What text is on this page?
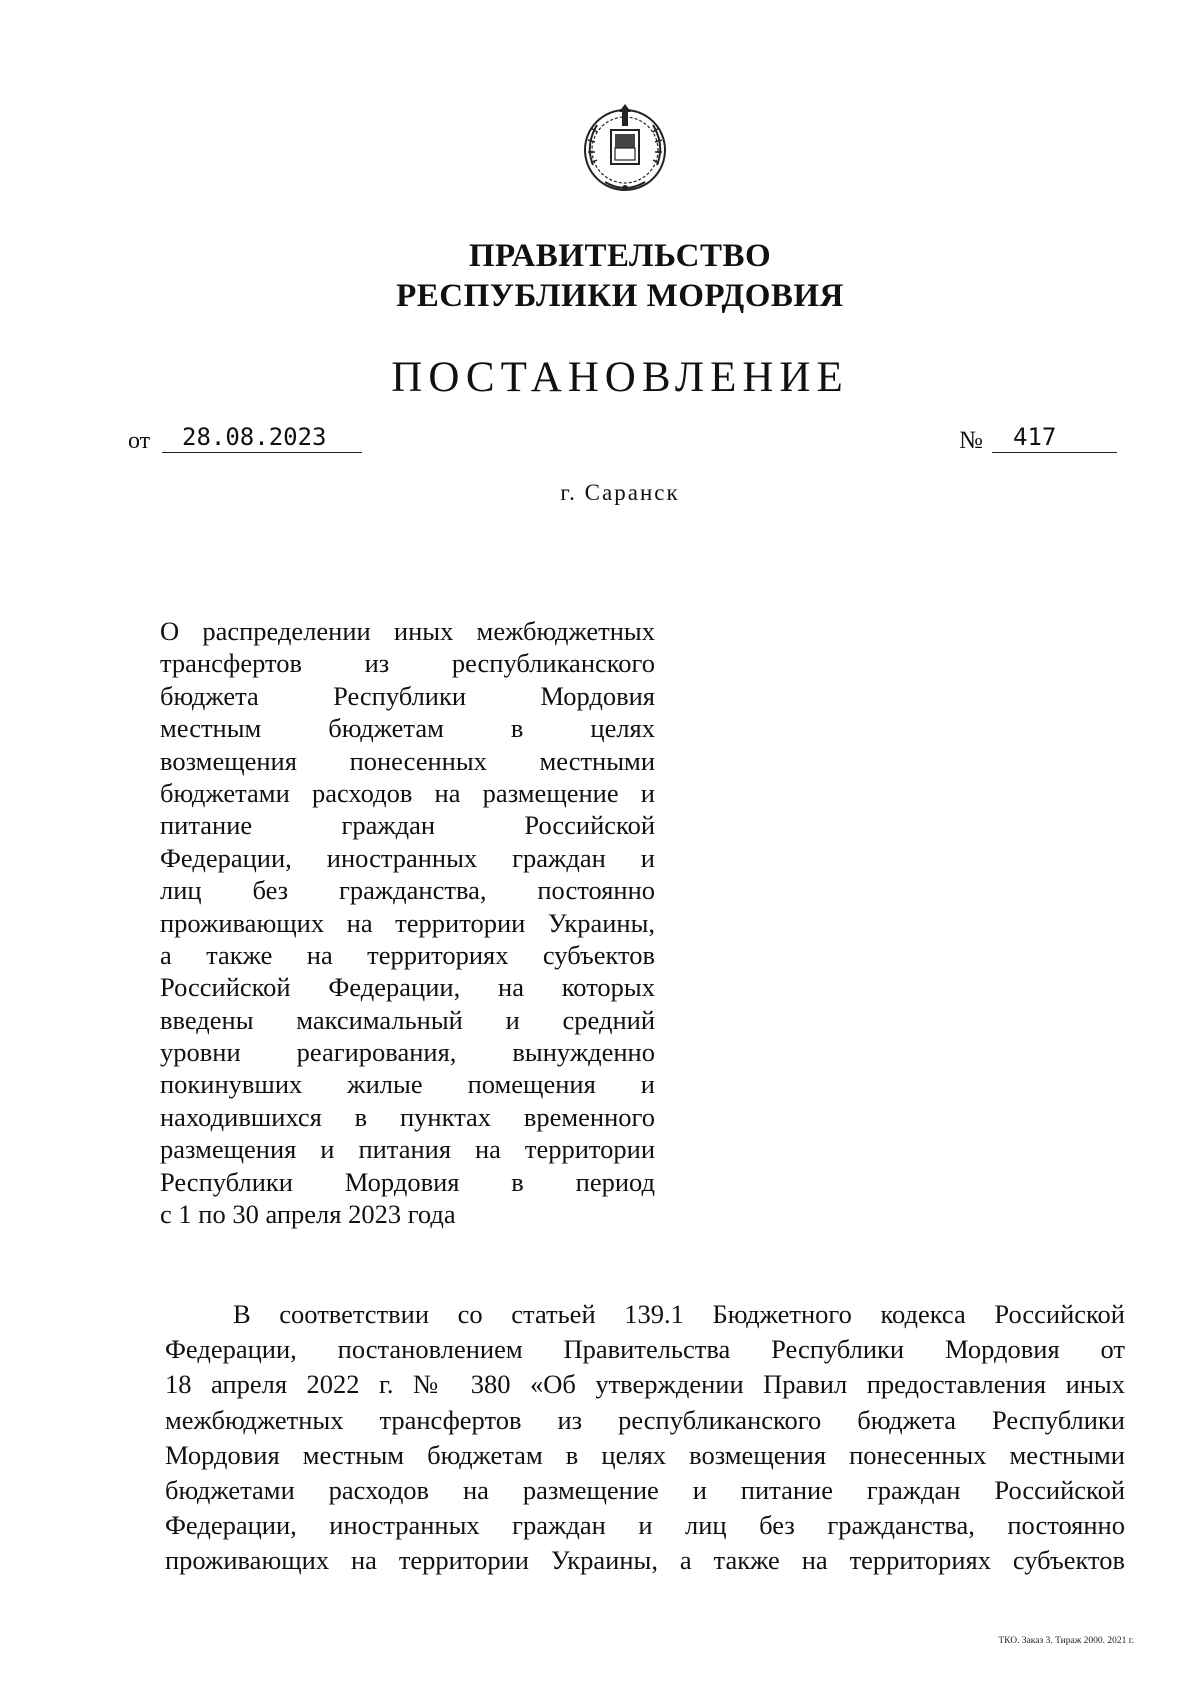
ПРАВИТЕЛЬСТВО
РЕСПУБЛИКИ МОРДОВИЯ
ПОСТАНОВЛЕНИЕ
от	28.08.2023	№	417
г. Саранск
О распределении иных межбюджетных
трансфертов из республиканского
бюджета Республики Мордовия
местным бюджетам в целях
возмещения понесенных местными
бюджетами расходов на размещение и
питание граждан Российской
Федерации, иностранных граждан и
лиц без гражданства, постоянно
проживающих на территории Украины,
а также на территориях субъектов
Российской Федерации, на которых
введены максимальный и средний
уровни реагирования, вынужденно
покинувших жилые помещения и
находившихся в пунктах временного
размещения и питания на территории
Республики Мордовия в период
с 1 по 30 апреля 2023 года
В соответствии со статьей 139.1 Бюджетного кодекса Российской
Федерации, постановлением Правительства Республики Мордовия от
18 апреля 2022 г. № 380 «Об утверждении Правил предоставления иных
межбюджетных трансфертов из республиканского бюджета Республики
Мордовия местным бюджетам в целях возмещения понесенных местными
бюджетами расходов на размещение и питание граждан Российской
Федерации, иностранных граждан и лиц без гражданства, постоянно
проживающих на территории Украины, а также на территориях субъектов
ТКО. Заказ 3. Тираж 2000. 2021 г.
